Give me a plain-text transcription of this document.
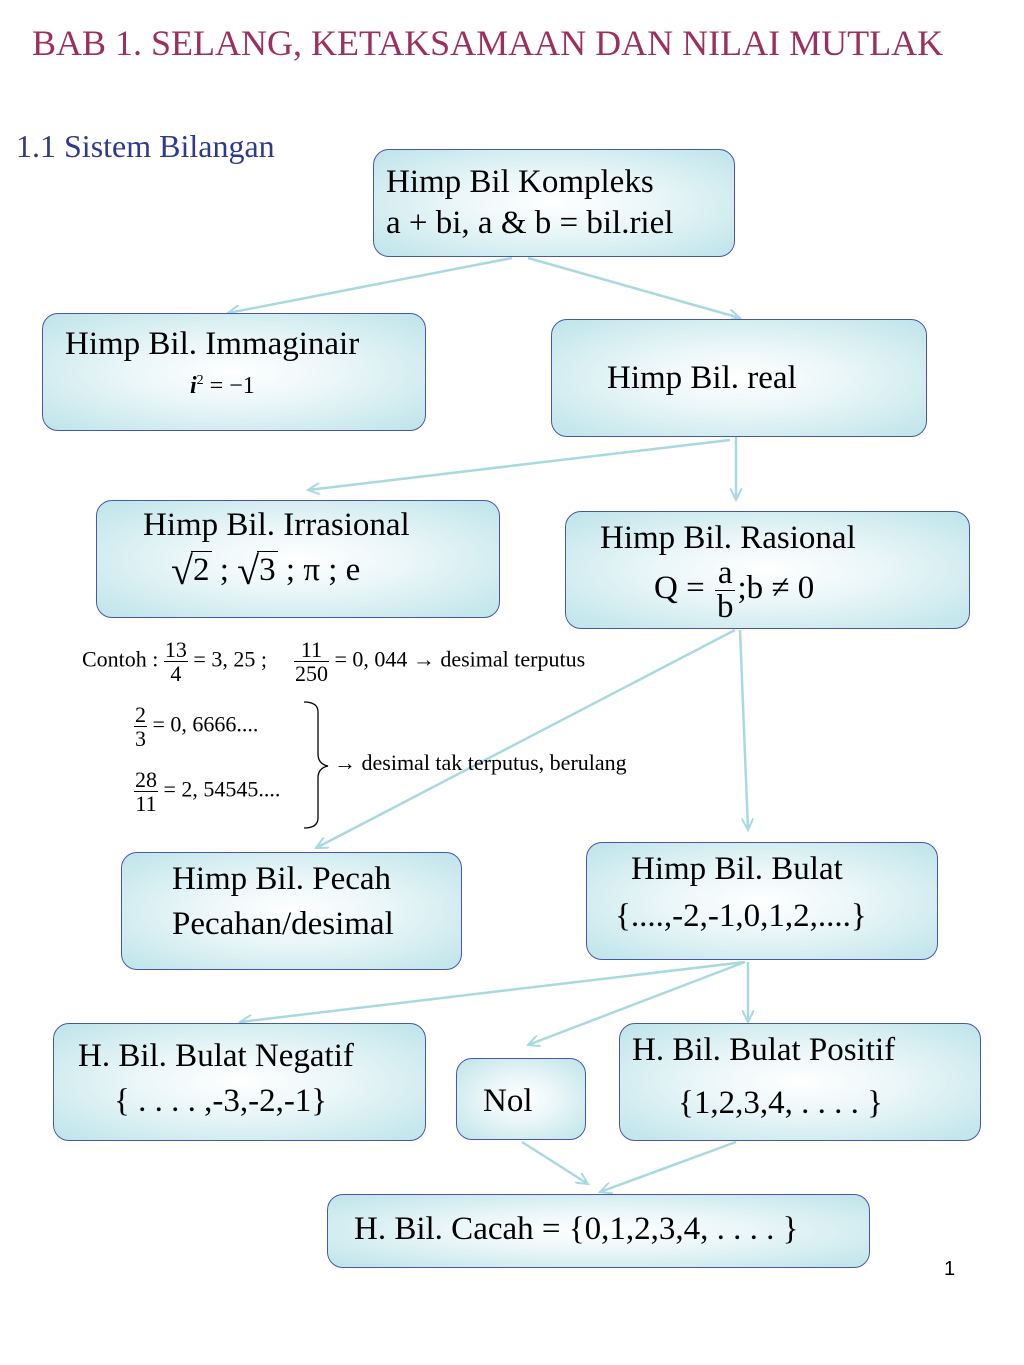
BAB 1. SELANG, KETAKSAMAAN DAN NILAI MUTLAK
1.1 Sistem Bilangan
Himp Bil Kompleks
a + bi, a & b = bil.riel
Himp Bil. Immaginair
$i^2 = -1$	Himp Bil. real
Himp Bil. Irrasional
√ 2 ; √ 3 ; π ; e
Himp Bil. Rasional
$Q = \frac{a}{b}$ ;b ≠ 0
Contoh : $\frac{13}{4} = 3$, 25 ; $\frac{11}{250} = 0$, 044 → desimal terputus
$\frac{2}{3} = 0$, 6666....
$\frac{28}{11} = 2$, 54545....
→ desimal tak terputus, berulang
Himp Bil. Pecah
Pecahan/desimal
Himp Bil. Bulat
{....,-2,-1,0,1,2,....}
H. Bil. Bulat Negatif
{ . . . . ,-3,-2,-1}	Nol
H. Bil. Bulat Positif
{1,2,3,4, . . . . }
H. Bil. Cacah = {0,1,2,3,4, . . . . }
1
